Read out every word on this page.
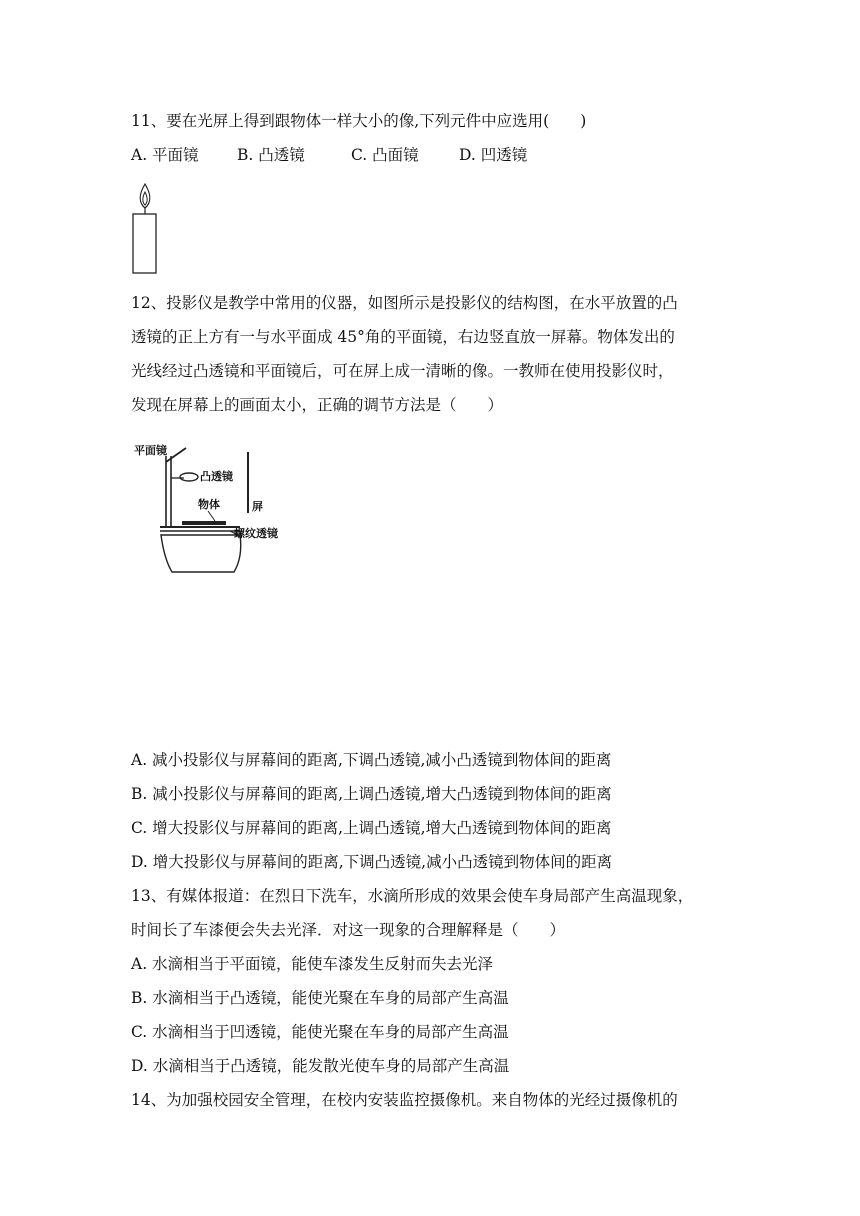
11、要在光屏上得到跟物体一样大小的像,下列元件中应选用(　　)
A. 平面镜 B. 凸透镜	C. 凸面镜	D. 凹透镜
12、投影仪是教学中常用的仪器，如图所示是投影仪的结构图，在水平放置的凸
透镜的正上方有一与水平面成 45°角的平面镜，右边竖直放一屏幕。物体发出的
光线经过凸透镜和平面镜后，可在屏上成一清晰的像。一教师在使用投影仪时，
发现在屏幕上的画面太小，正确的调节方法是（　　）
平面镜
凸透镜
物体	屏
螺纹透镜
A. 减小投影仪与屏幕间的距离,下调凸透镜,减小凸透镜到物体间的距离
B. 减小投影仪与屏幕间的距离,上调凸透镜,增大凸透镜到物体间的距离
C. 增大投影仪与屏幕间的距离,上调凸透镜,增大凸透镜到物体间的距离
D. 增大投影仪与屏幕间的距离,下调凸透镜,减小凸透镜到物体间的距离
13、有媒体报道：在烈日下洗车，水滴所形成的效果会使车身局部产生高温现象，
时间长了车漆便会失去光泽．对这一现象的合理解释是（　　）
A. 水滴相当于平面镜，能使车漆发生反射而失去光泽
B. 水滴相当于凸透镜，能使光聚在车身的局部产生高温
C. 水滴相当于凹透镜，能使光聚在车身的局部产生高温
D. 水滴相当于凸透镜，能发散光使车身的局部产生高温
14、为加强校园安全管理，在校内安装监控摄像机。来自物体的光经过摄像机的
